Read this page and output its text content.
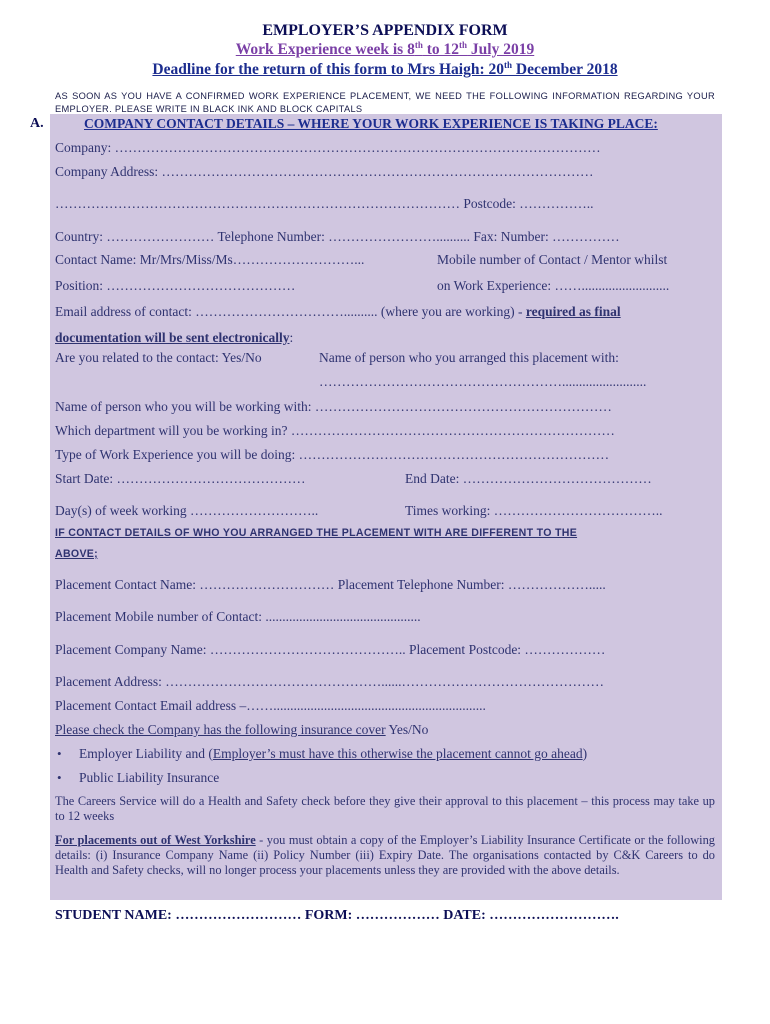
EMPLOYER’S APPENDIX FORM
Work Experience week is 8th to 12th July 2019
Deadline for the return of this form to Mrs Haigh: 20th December 2018
AS SOON AS YOU HAVE A CONFIRMED WORK EXPERIENCE PLACEMENT, WE NEED THE FOLLOWING INFORMATION REGARDING YOUR EMPLOYER. PLEASE WRITE IN BLACK INK AND BLOCK CAPITALS
A.	COMPANY CONTACT DETAILS – WHERE YOUR WORK EXPERIENCE IS TAKING PLACE:
Company: ………………………………………………………………………………………………
Company Address: ……………………………………………………………………………………
……………………………………………………………………………… Postcode: ……………..
Country: …………………… Telephone Number: …………………….......... Fax: Number: ……………
Contact Name: Mr/Mrs/Miss/Ms………………………...	Mobile number of Contact / Mentor whilst
Position: ……………………………………	on Work Experience: ……..........................
Email address of contact: …………………………….......... (where you are working) - required as final
documentation will be sent electronically:
Are you related to the contact: Yes/No	Name of person who you arranged this placement with:
……………………………………………….........................
Name of person who you will be working with: …………………………………………………………
Which department will you be working in? ………………………………………………………………
Type of Work Experience you will be doing: ……………………………………………………………
Start Date: ……………………………………	End Date: ……………………………………
Day(s) of week working ………………………..	Times working: ………………………………..
IF CONTACT DETAILS OF WHO YOU ARRANGED THE PLACEMENT WITH ARE DIFFERENT TO THE
ABOVE;
Placement Contact Name: ………………………… Placement Telephone Number: ……………….....
Placement Mobile number of Contact: ..............................................
Placement Company Name: …………………………………….. Placement Postcode: ………………
Placement Address: …………………………………………......………………………………………
Placement Contact Email address –……...............................................................
Please check the Company has the following insurance cover Yes/No
• Employer Liability and (Employer’s must have this otherwise the placement cannot go ahead)
• Public Liability Insurance
The Careers Service will do a Health and Safety check before they give their approval to this placement – this process may take up to 12 weeks
For placements out of West Yorkshire - you must obtain a copy of the Employer’s Liability Insurance Certificate or the following details: (i) Insurance Company Name (ii) Policy Number (iii) Expiry Date. The organisations contacted by C&K Careers to do Health and Safety checks, will no longer process your placements unless they are provided with the above details.
STUDENT NAME: ……………………… FORM: ……………… DATE: ……………………….
